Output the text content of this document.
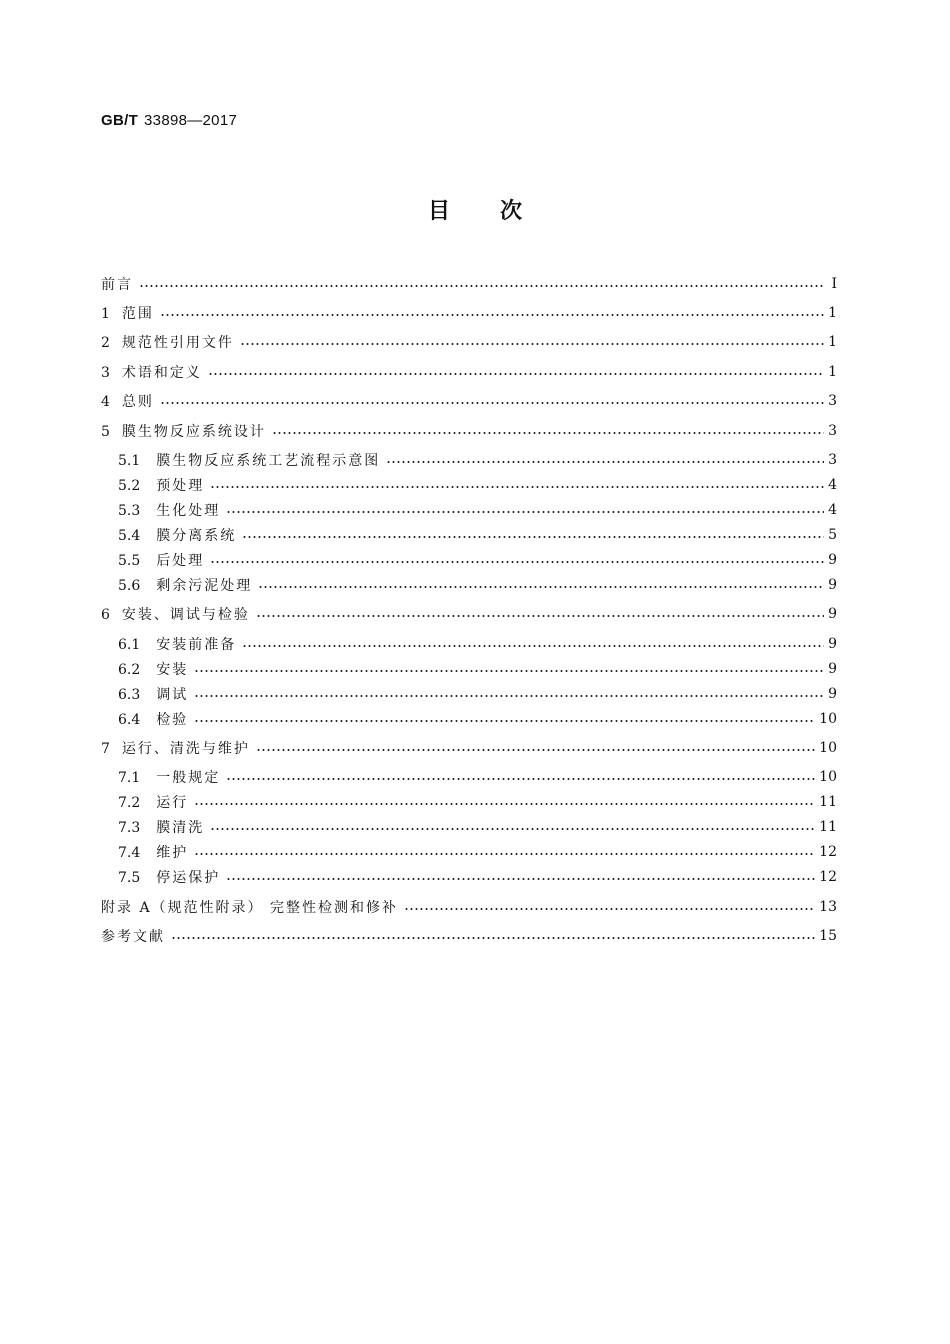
GB/T 33898—2017
目次
前言	Ⅰ
1 范围	1
2 规范性引用文件	1
3 术语和定义	1
4 总则	3
5 膜生物反应系统设计	3
5.1 膜生物反应系统工艺流程示意图	3
5.2 预处理	4
5.3 生化处理	4
5.4 膜分离系统	5
5.5 后处理	9
5.6 剩余污泥处理	9
6 安装、调试与检验	9
6.1 安装前准备	9
6.2 安装	9
6.3 调试	9
6.4 检验	10
7 运行、清洗与维护	10
7.1 一般规定	10
7.2 运行	11
7.3 膜清洗	11
7.4 维护	12
7.5 停运保护	12
附录 A（规范性附录） 完整性检测和修补	13
参考文献	15
